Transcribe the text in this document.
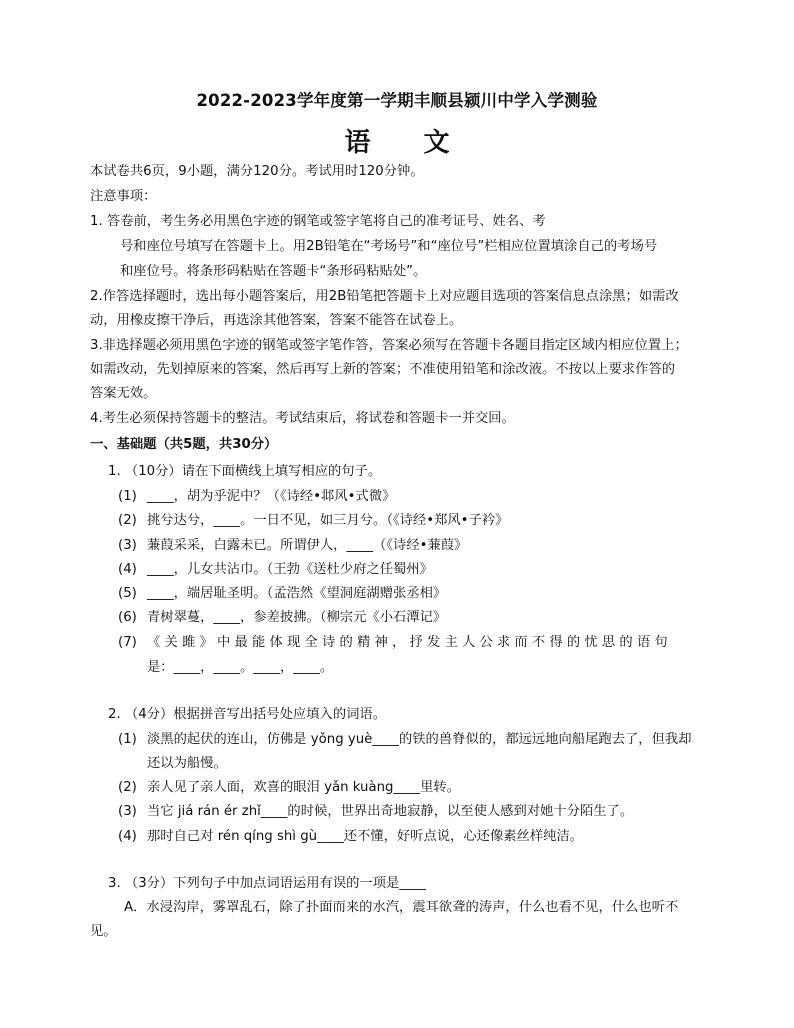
2022-2023学年度第一学期丰顺县颍川中学入学测验
语 文
本试卷共6页，9小题，满分120分。考试用时120分钟。
注意事项：
1. 答卷前，考生务必用黑色字迹的钢笔或签字笔将自己的准考证号、姓名、考
号和座位号填写在答题卡上。用2B铅笔在“考场号”和“座位号”栏相应位置填涂自己的考场号
和座位号。将条形码粘贴在答题卡“条形码粘贴处”。
2.作答选择题时，选出每小题答案后，用2B铅笔把答题卡上对应题目选项的答案信息点涂黑；如需改
动，用橡皮擦干净后，再选涂其他答案，答案不能答在试卷上。
3.非选择题必须用黑色字迹的钢笔或签字笔作答，答案必须写在答题卡各题目指定区域内相应位置上；
如需改动，先划掉原来的答案，然后再写上新的答案；不准使用铅笔和涂改液。不按以上要求作答的
答案无效。
4.考生必须保持答题卡的整洁。考试结束后，将试卷和答题卡一并交回。
一、基础题（共5题，共30分）
1. （10分）请在下面横线上填写相应的句子。
(1) ____，胡为乎泥中？（《诗经•邶风•式微》
(2) 挑兮达兮，____。一日不见，如三月兮。（《诗经•郑风•子衿》
(3) 蒹葭采采，白露未已。所谓伊人，____（《诗经•蒹葭》
(4) ____，儿女共沾巾。（王勃《送杜少府之任蜀州》
(5) ____，端居耻圣明。（孟浩然《望洞庭湖赠张丞相》
(6) 青树翠蔓，____，参差披拂。（柳宗元《小石潭记》
(7) 《关雎》中最能体现全诗的精神，抒发主人公求而不得的忧思的语句
是：____，____。____，____。
2. （4分）根据拼音写出括号处应填入的词语。
(1) 淡黑的起伏的连山，仿佛是 yǒng yuè____的铁的兽脊似的，都远远地向船尾跑去了，但我却
还以为船慢。
(2) 亲人见了亲人面，欢喜的眼泪 yǎn kuàng____里转。
(3) 当它 jiá rán ér zhǐ____的时候，世界出奇地寂静，以至使人感到对她十分陌生了。
(4) 那时自己对 rén qíng shì gù____还不懂，好听点说，心还像素丝样纯洁。
3. （3分）下列句子中加点词语运用有误的一项是____
A．水浸沟岸，雾罩乱石，除了扑面而来的水汽，震耳欲聋的涛声，什么也看不见，什么也听不
见。
